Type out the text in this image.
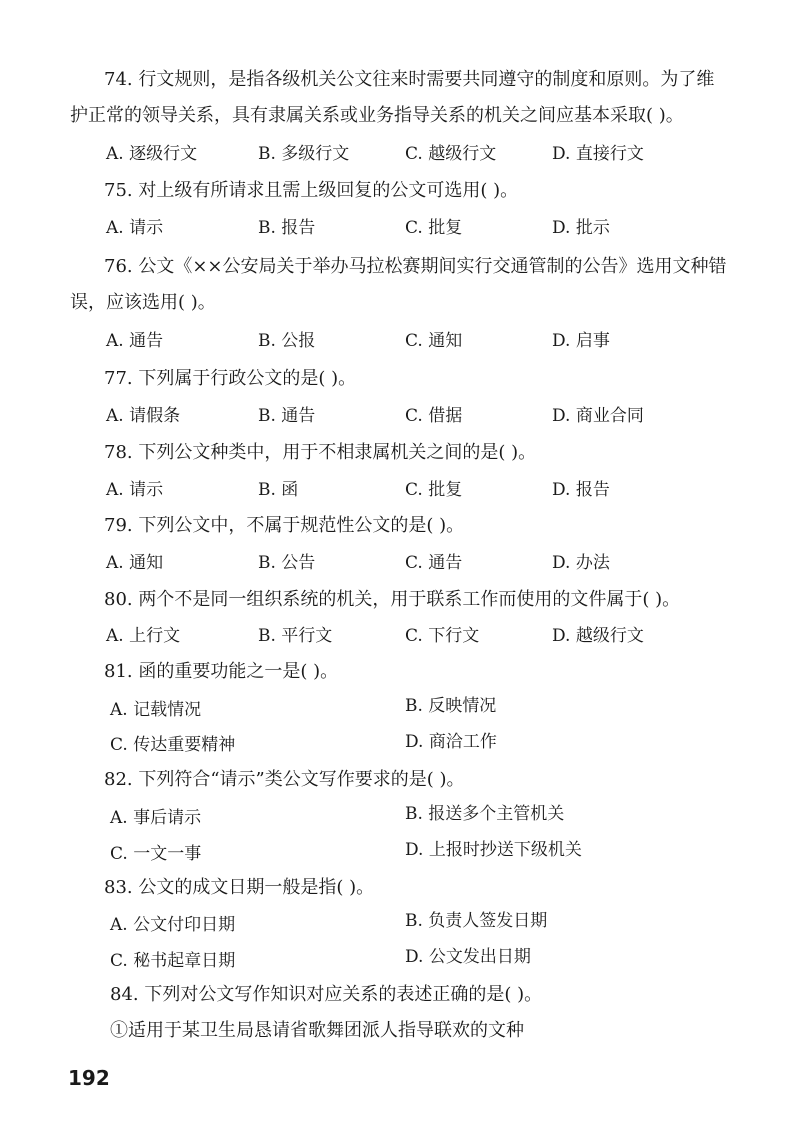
74. 行文规则，是指各级机关公文往来时需要共同遵守的制度和原则。为了维
护正常的领导关系，具有隶属关系或业务指导关系的机关之间应基本采取( )。
A. 逐级行文	B. 多级行文	C. 越级行文	D. 直接行文
75. 对上级有所请求且需上级回复的公文可选用( )。
A. 请示	B. 报告	C. 批复	D. 批示
76. 公文《××公安局关于举办马拉松赛期间实行交通管制的公告》选用文种错
误，应该选用( )。
A. 通告	B. 公报	C. 通知	D. 启事
77. 下列属于行政公文的是( )。
A. 请假条	B. 通告	C. 借据	D. 商业合同
78. 下列公文种类中，用于不相隶属机关之间的是( )。
A. 请示	B. 函	C. 批复	D. 报告
79. 下列公文中，不属于规范性公文的是( )。
A. 通知	B. 公告	C. 通告	D. 办法
80. 两个不是同一组织系统的机关，用于联系工作而使用的文件属于( )。
A. 上行文	B. 平行文	C. 下行文	D. 越级行文
81. 函的重要功能之一是( )。
A. 记载情况	B. 反映情况
C. 传达重要精神	D. 商洽工作
82. 下列符合“请示”类公文写作要求的是( )。
A. 事后请示	B. 报送多个主管机关
C. 一文一事	D. 上报时抄送下级机关
83. 公文的成文日期一般是指( )。
A. 公文付印日期	B. 负责人签发日期
C. 秘书起章日期	D. 公文发出日期
84. 下列对公文写作知识对应关系的表述正确的是( )。
①适用于某卫生局恳请省歌舞团派人指导联欢的文种
192
